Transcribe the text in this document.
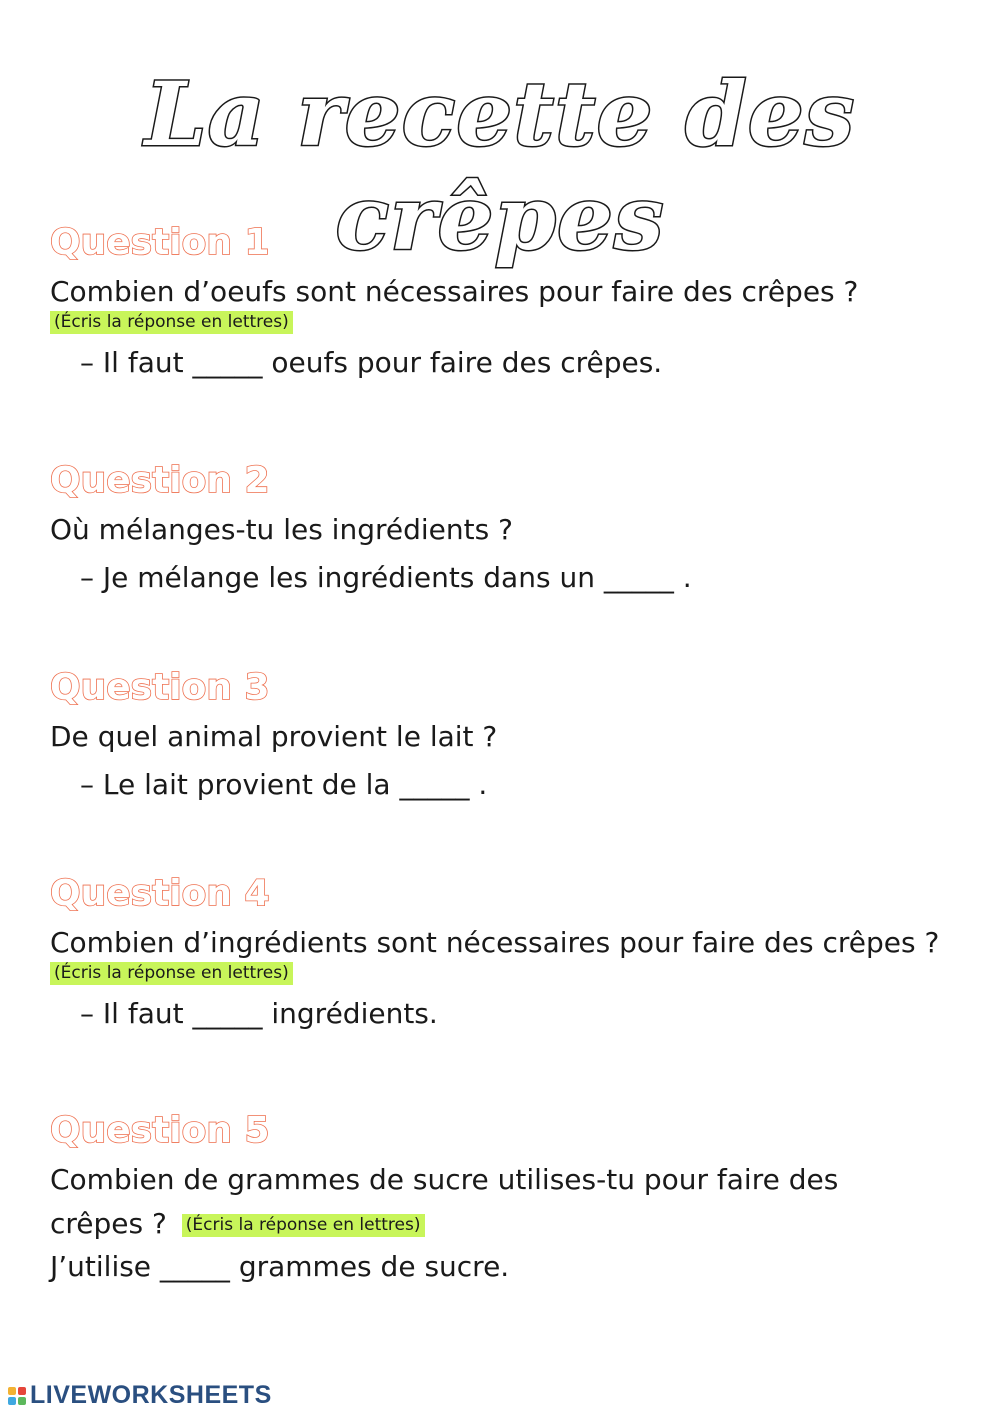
La recette des crêpes
Question 1

Combien d’oeufs sont nécessaires pour faire des crêpes ?

(Écris la réponse en lettres)
– Il faut _____ oeufs pour faire des crêpes.
Question 2

Où mélanges-tu les ingrédients ?

– Je mélange les ingrédients dans un _____ .
Question 3

De quel animal provient le lait ?

– Le lait provient de la _____ .
Question 4

Combien d’ingrédients sont nécessaires pour faire des crêpes ?

(Écris la réponse en lettres)
– Il faut _____ ingrédients.
Question 5

Combien de grammes de sucre utilises-tu pour faire des

crêpes ? (Écris la réponse en lettres)

J’utilise _____ grammes de sucre.
LIVEWORKSHEETS
